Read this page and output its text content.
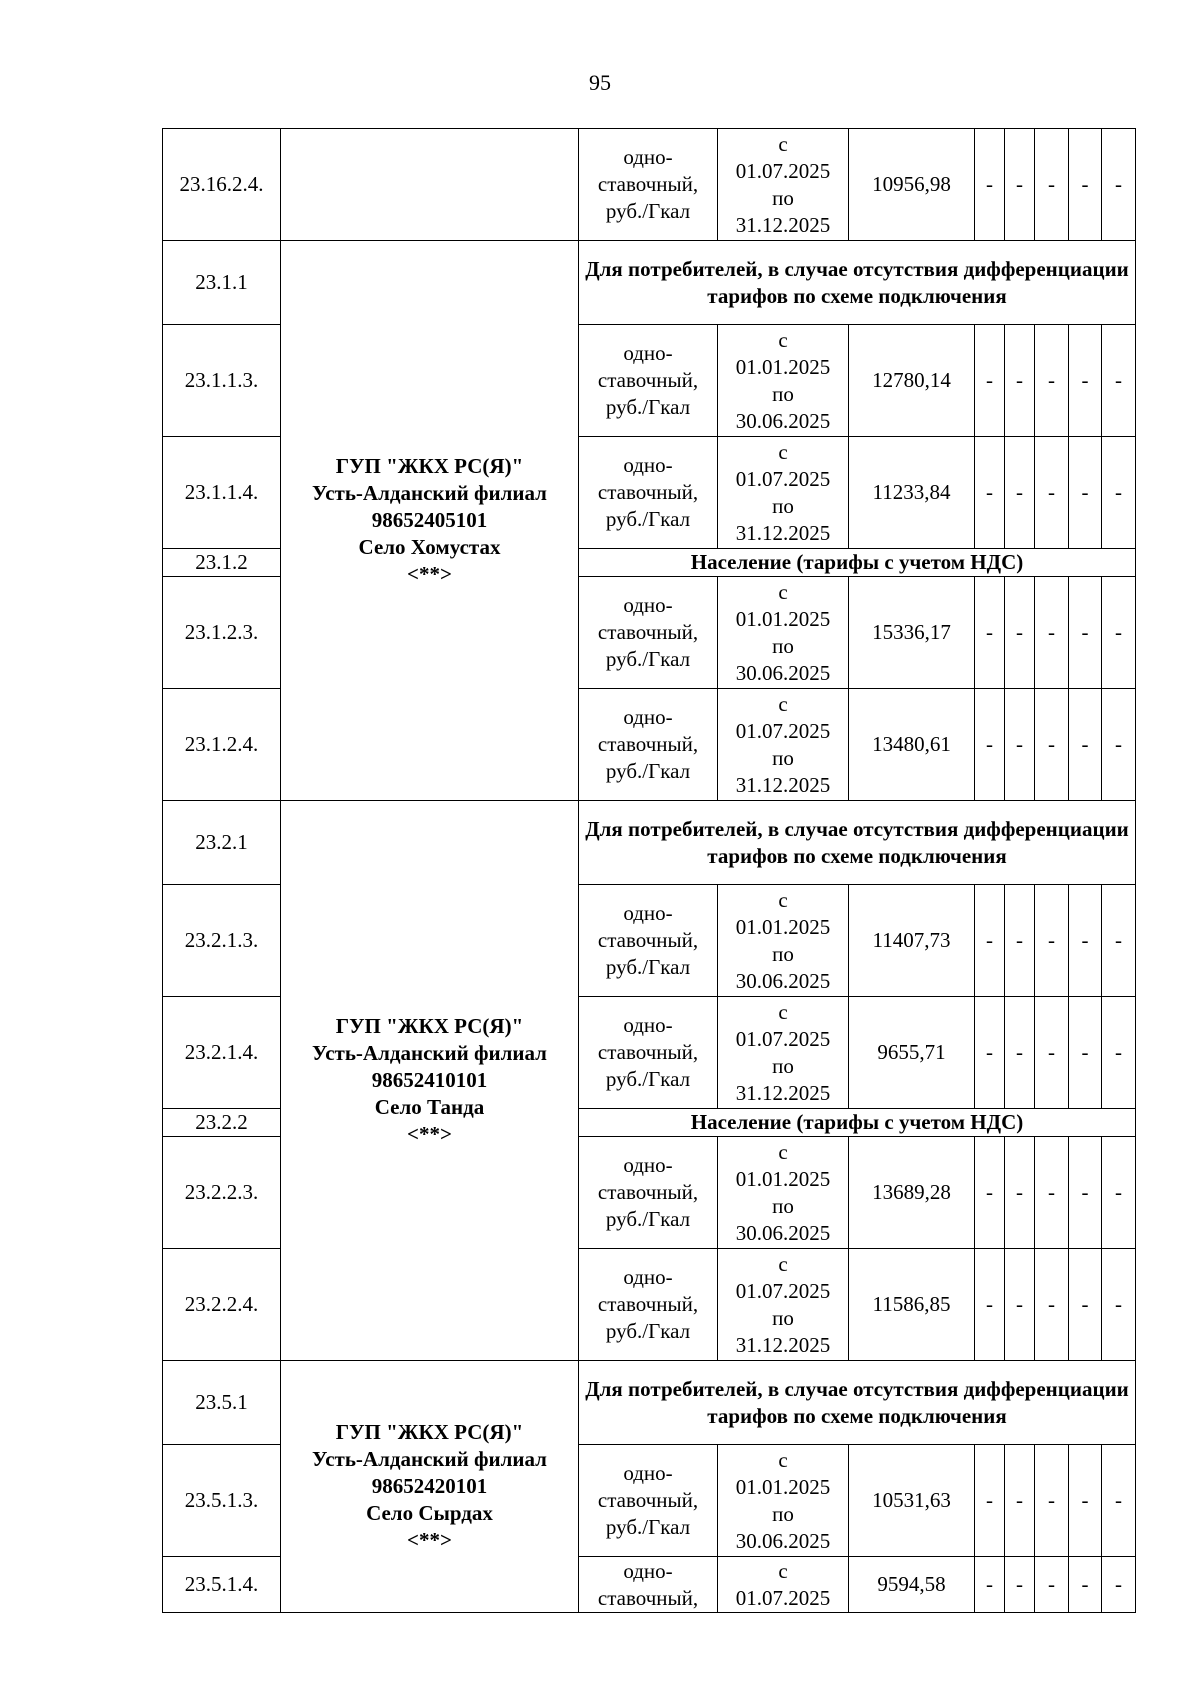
95
23.16.2.4.		одно-
ставочный,
руб./Гкал	с
01.07.2025
по
31.12.2025	10956,98	-	-	-	-	-
23.1.1	ГУП "ЖКХ РС(Я)"
Усть-Алданский филиал
98652405101
Село Хомустах
<**>	Для потребителей, в случае отсутствия дифференциации тарифов по схеме подключения							
23.1.1.3.		одно-
ставочный,
руб./Гкал	с
01.01.2025
по
30.06.2025	12780,14	-	-	-	-	-
23.1.1.4.		одно-
ставочный,
руб./Гкал	с
01.07.2025
по
31.12.2025	11233,84	-	-	-	-	-
23.1.2		Население (тарифы с учетом НДС)							
23.1.2.3.		одно-
ставочный,
руб./Гкал	с
01.01.2025
по
30.06.2025	15336,17	-	-	-	-	-
23.1.2.4.		одно-
ставочный,
руб./Гкал	с
01.07.2025
по
31.12.2025	13480,61	-	-	-	-	-
23.2.1	ГУП "ЖКХ РС(Я)"
Усть-Алданский филиал
98652410101
Село Танда
<**>	Для потребителей, в случае отсутствия дифференциации тарифов по схеме подключения							
23.2.1.3.		одно-
ставочный,
руб./Гкал	с
01.01.2025
по
30.06.2025	11407,73	-	-	-	-	-
23.2.1.4.		одно-
ставочный,
руб./Гкал	с
01.07.2025
по
31.12.2025	9655,71	-	-	-	-	-
23.2.2		Население (тарифы с учетом НДС)							
23.2.2.3.		одно-
ставочный,
руб./Гкал	с
01.01.2025
по
30.06.2025	13689,28	-	-	-	-	-
23.2.2.4.		одно-
ставочный,
руб./Гкал	с
01.07.2025
по
31.12.2025	11586,85	-	-	-	-	-
23.5.1	ГУП "ЖКХ РС(Я)"
Усть-Алданский филиал
98652420101
Село Сырдах
<**>	Для потребителей, в случае отсутствия дифференциации тарифов по схеме подключения							
23.5.1.3.		одно-
ставочный,
руб./Гкал	с
01.01.2025
по
30.06.2025	10531,63	-	-	-	-	-
23.5.1.4.		одно-
ставочный,	с
01.07.2025	9594,58	-	-	-	-	-
